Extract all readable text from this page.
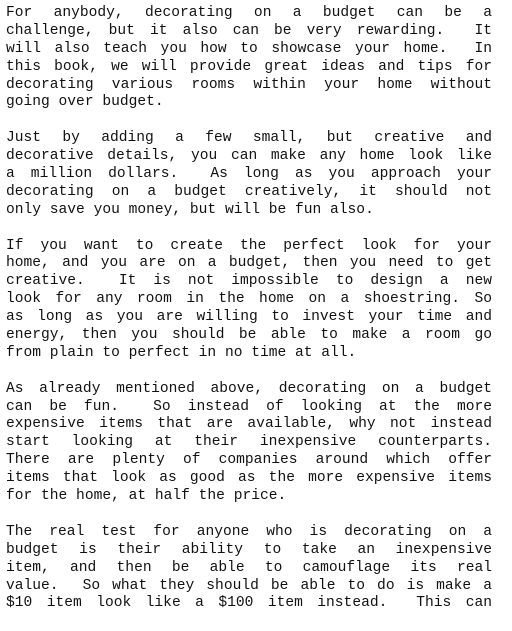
For anybody, decorating on a budget can be a
challenge, but it also can be very rewarding.  It
will also teach you how to showcase your home.  In
this book, we will provide great ideas and tips for
decorating various rooms within your home without
going over budget.
Just by adding a few small, but creative and
decorative details, you can make any home look like
a million dollars.  As long as you approach your
decorating on a budget creatively, it should not
only save you money, but will be fun also.
If you want to create the perfect look for your
home, and you are on a budget, then you need to get
creative.  It is not impossible to design a new
look for any room in the home on a shoestring. So
as long as you are willing to invest your time and
energy, then you should be able to make a room go
from plain to perfect in no time at all.
As already mentioned above, decorating on a budget
can be fun.  So instead of looking at the more
expensive items that are available, why not instead
start looking at their inexpensive counterparts.
There are plenty of companies around which offer
items that look as good as the more expensive items
for the home, at half the price.
The real test for anyone who is decorating on a
budget is their ability to take an inexpensive
item, and then be able to camouflage its real
value.  So what they should be able to do is make a
$10 item look like a $100 item instead.  This can
